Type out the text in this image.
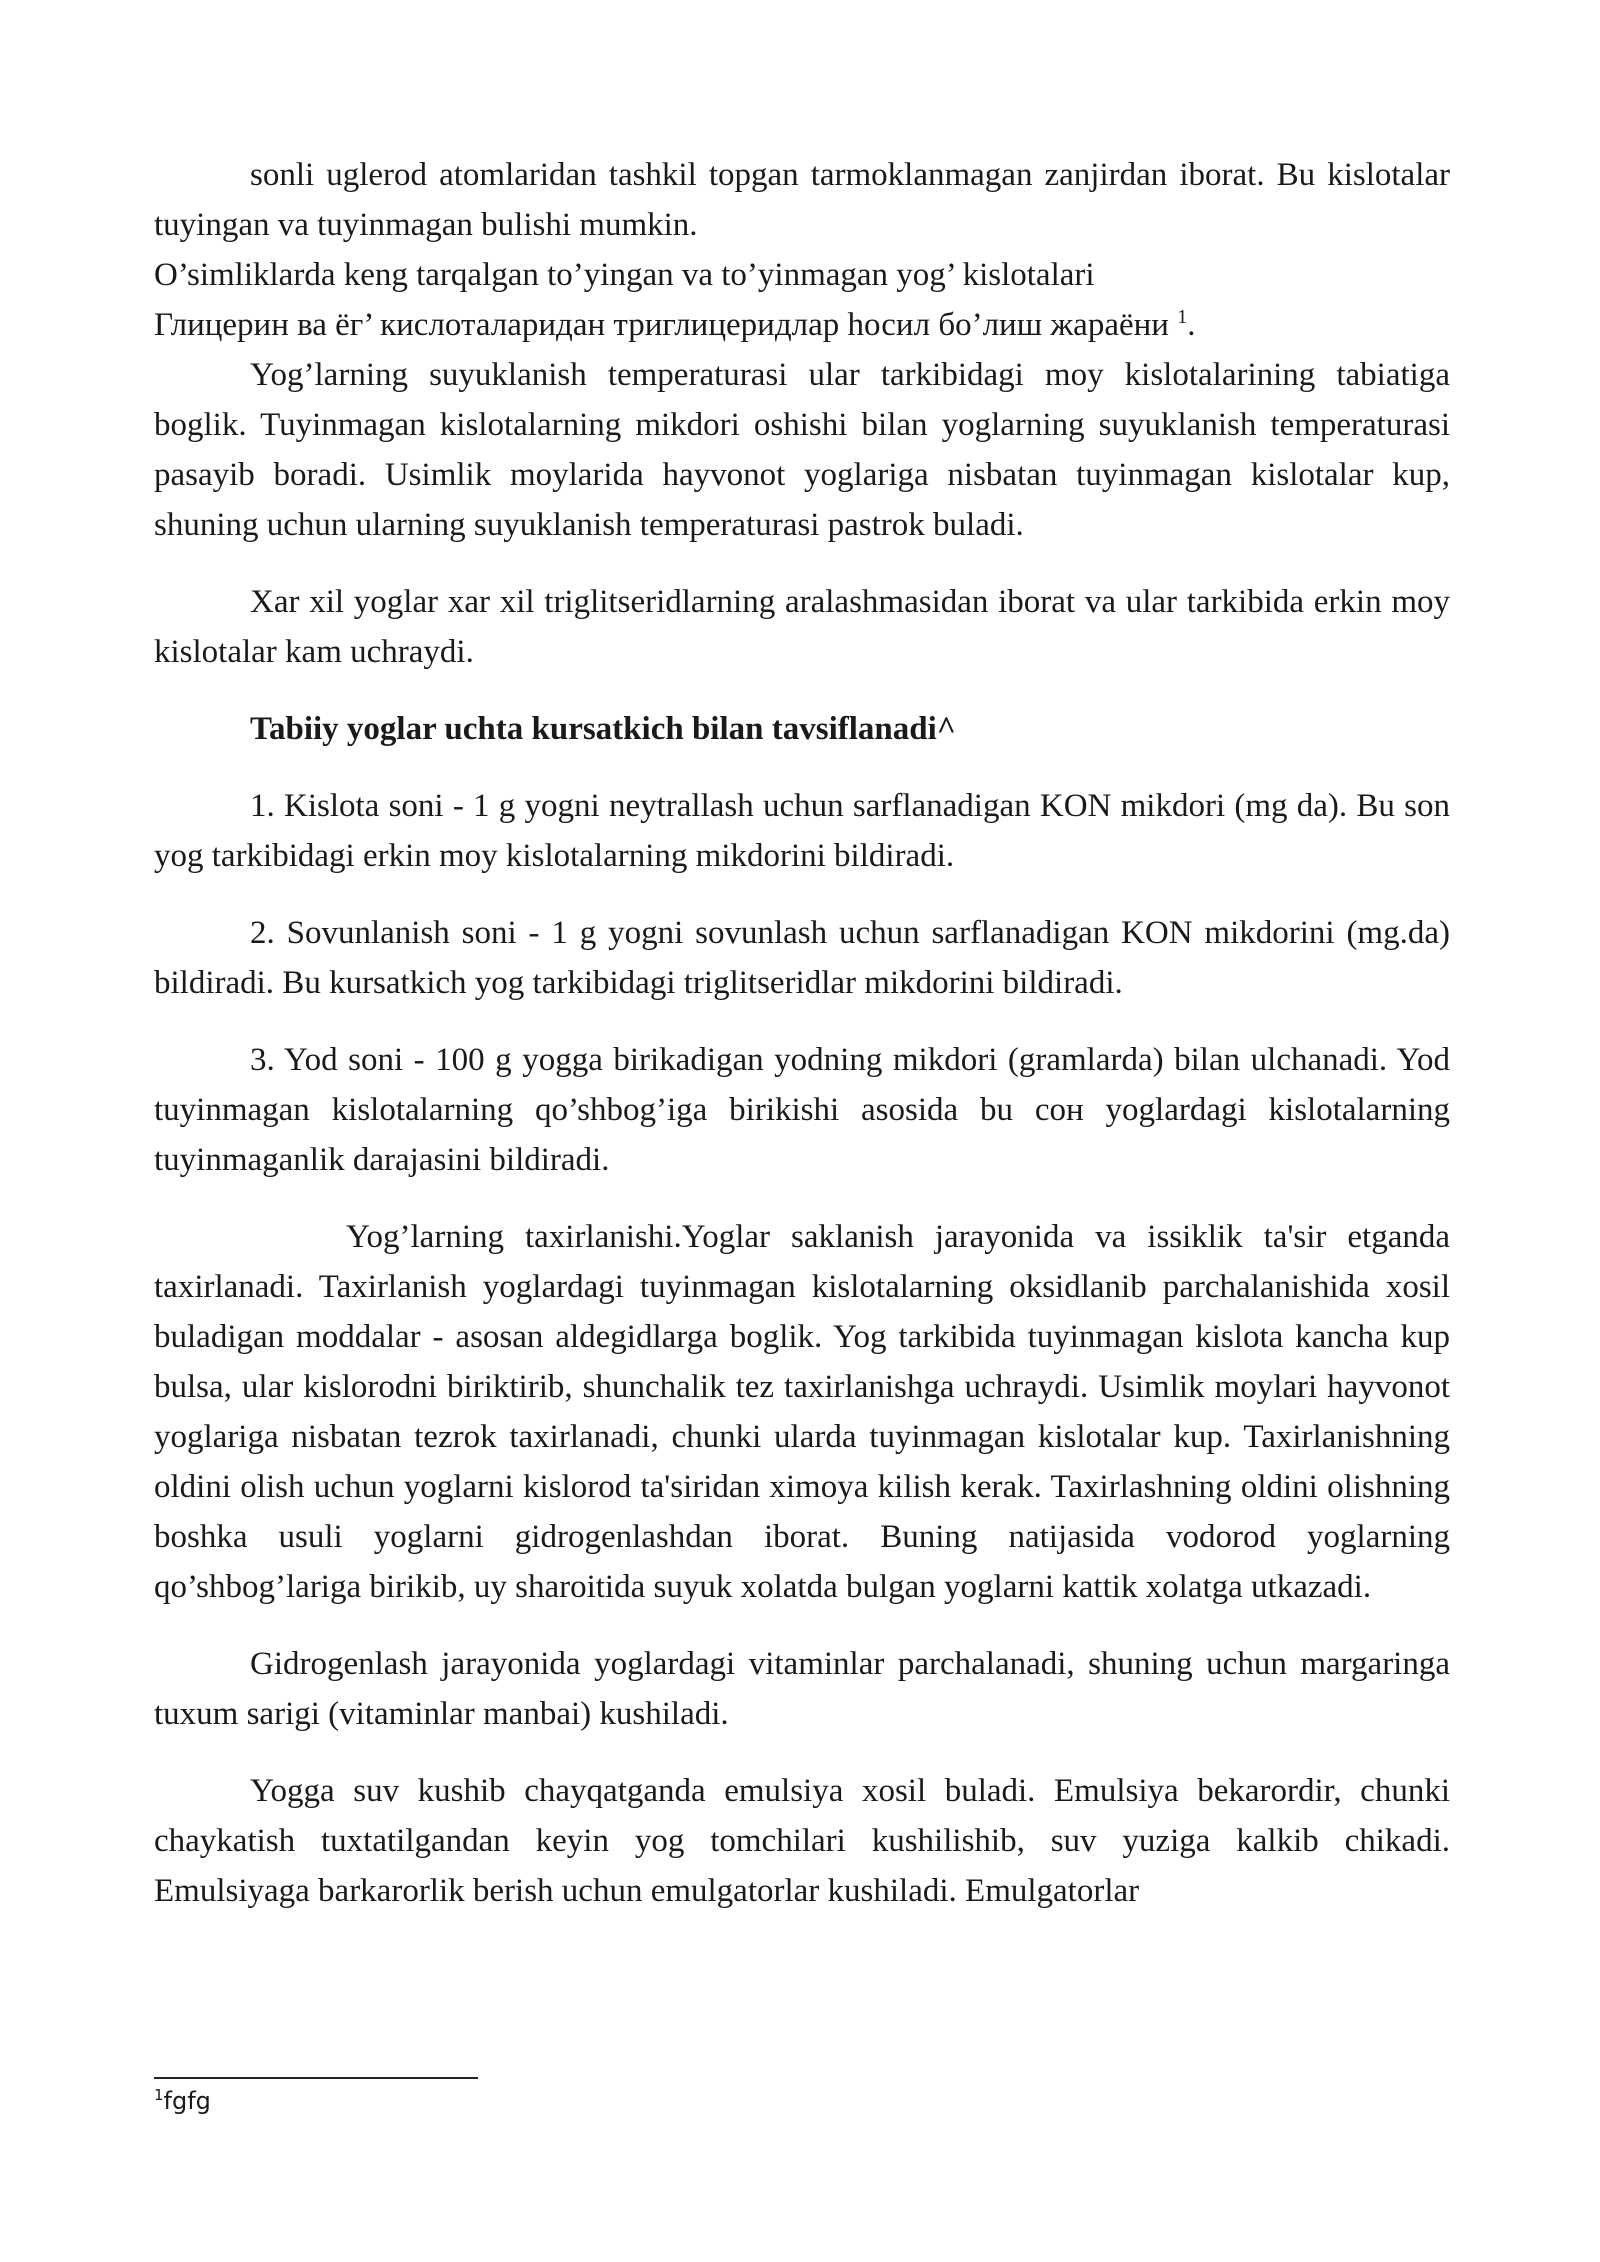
sonli uglerod atomlaridan tashkil topgan tarmoklanmagan zanjirdan iborat. Bu kislotalar tuyingan va tuyinmagan bulishi mumkin.

O’simliklarda keng tarqalgan to’yingan va to’yinmagan yog’ kislotalari

Глицерин ва ёг’ кислоталаридан триглицеридлар hосил бо’лиш жараёни $^1$.

Yog’larning suyuklanish temperaturasi ular tarkibidagi moy kislotalarining tabiatiga boglik. Tuyinmagan kislotalarning mikdori oshishi bilan yoglarning suyuklanish temperaturasi pasayib boradi. Usimlik moylarida hayvonot yoglariga nisbatan tuyinmagan kislotalar kup, shuning uchun ularning suyuklanish temperaturasi pastrok buladi.

Xar xil yoglar xar xil triglitseridlarning aralashmasidan iborat va ular tarkibida erkin moy kislotalar kam uchraydi.

Tabiiy yoglar uchta kursatkich bilan tavsiflanadi^

1. Kislota soni - 1 g yogni neytrallash uchun sarflanadigan KON mikdori (mg da). Bu son yog tarkibidagi erkin moy kislotalarning mikdorini bildiradi.

2. Sovunlanish soni - 1 g yogni sovunlash uchun sarflanadigan KON mikdorini (mg.da) bildiradi. Bu kursatkich yog tarkibidagi triglitseridlar mikdorini bildiradi.

3. Yod soni - 100 g yogga birikadigan yodning mikdori (gramlarda) bilan ulchanadi. Yod tuyinmagan kislotalarning qo’shbog’iga birikishi asosida bu сон yoglardagi kislotalarning tuyinmaganlik darajasini bildiradi.

Yog’larning taxirlanishi.Yoglar saklanish jarayonida va issiklik ta'sir etganda taxirlanadi. Taxirlanish yoglardagi tuyinmagan kislotalarning oksidlanib parchalanishida xosil buladigan moddalar - asosan aldegidlarga boglik. Yog tarkibida tuyinmagan kislota kancha kup bulsa, ular kislorodni biriktirib, shunchalik tez taxirlanishga uchraydi. Usimlik moylari hayvonot yoglariga nisbatan tezrok taxirlanadi, chunki ularda tuyinmagan kislotalar kup. Taxirlanishning oldini olish uchun yoglarni kislorod ta'siridan ximoya kilish kerak. Taxirlashning oldini olishning boshka usuli yoglarni gidrogenlashdan iborat. Buning natijasida vodorod yoglarning qo’shbog’lariga birikib, uy sharoitida suyuk xolatda bulgan yoglarni kattik xolatga utkazadi.

Gidrogenlash jarayonida yoglardagi vitaminlar parchalanadi, shuning uchun margaringa tuxum sarigi (vitaminlar manbai) kushiladi.

Yogga suv kushib chayqatganda emulsiya xosil buladi. Emulsiya bekarordir, chunki chaykatish tuxtatilgandan keyin yog tomchilari kushilishib, suv yuziga kalkib chikadi. Emulsiyaga barkarorlik berish uchun emulgatorlar kushiladi. Emulgatorlar

$^1$fgfg
